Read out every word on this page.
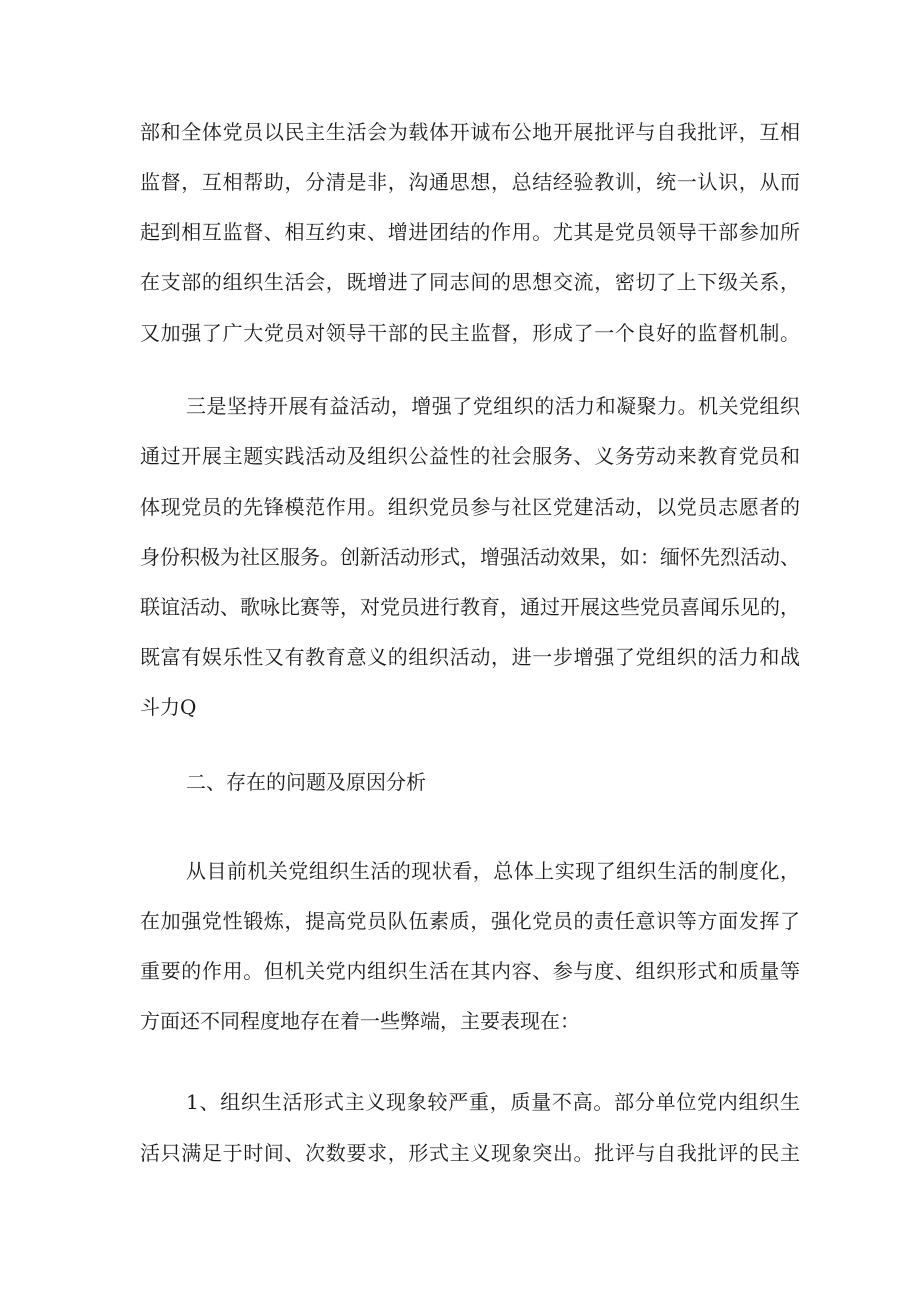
部和全体党员以民主生活会为载体开诚布公地开展批评与自我批评，互相
监督，互相帮助，分清是非，沟通思想，总结经验教训，统一认识，从而
起到相互监督、相互约束、增进团结的作用。尤其是党员领导干部参加所
在支部的组织生活会，既增进了同志间的思想交流，密切了上下级关系，
又加强了广大党员对领导干部的民主监督，形成了一个良好的监督机制。
三是坚持开展有益活动，增强了党组织的活力和凝聚力。机关党组织
通过开展主题实践活动及组织公益性的社会服务、义务劳动来教育党员和
体现党员的先锋模范作用。组织党员参与社区党建活动，以党员志愿者的
身份积极为社区服务。创新活动形式，增强活动效果，如：缅怀先烈活动、
联谊活动、歌咏比赛等，对党员进行教育，通过开展这些党员喜闻乐见的，
既富有娱乐性又有教育意义的组织活动，进一步增强了党组织的活力和战
斗力Q
二、存在的问题及原因分析
从目前机关党组织生活的现状看，总体上实现了组织生活的制度化，
在加强党性锻炼，提高党员队伍素质，强化党员的责任意识等方面发挥了
重要的作用。但机关党内组织生活在其内容、参与度、组织形式和质量等
方面还不同程度地存在着一些弊端，主要表现在：
1、组织生活形式主义现象较严重，质量不高。部分单位党内组织生
活只满足于时间、次数要求，形式主义现象突出。批评与自我批评的民主
